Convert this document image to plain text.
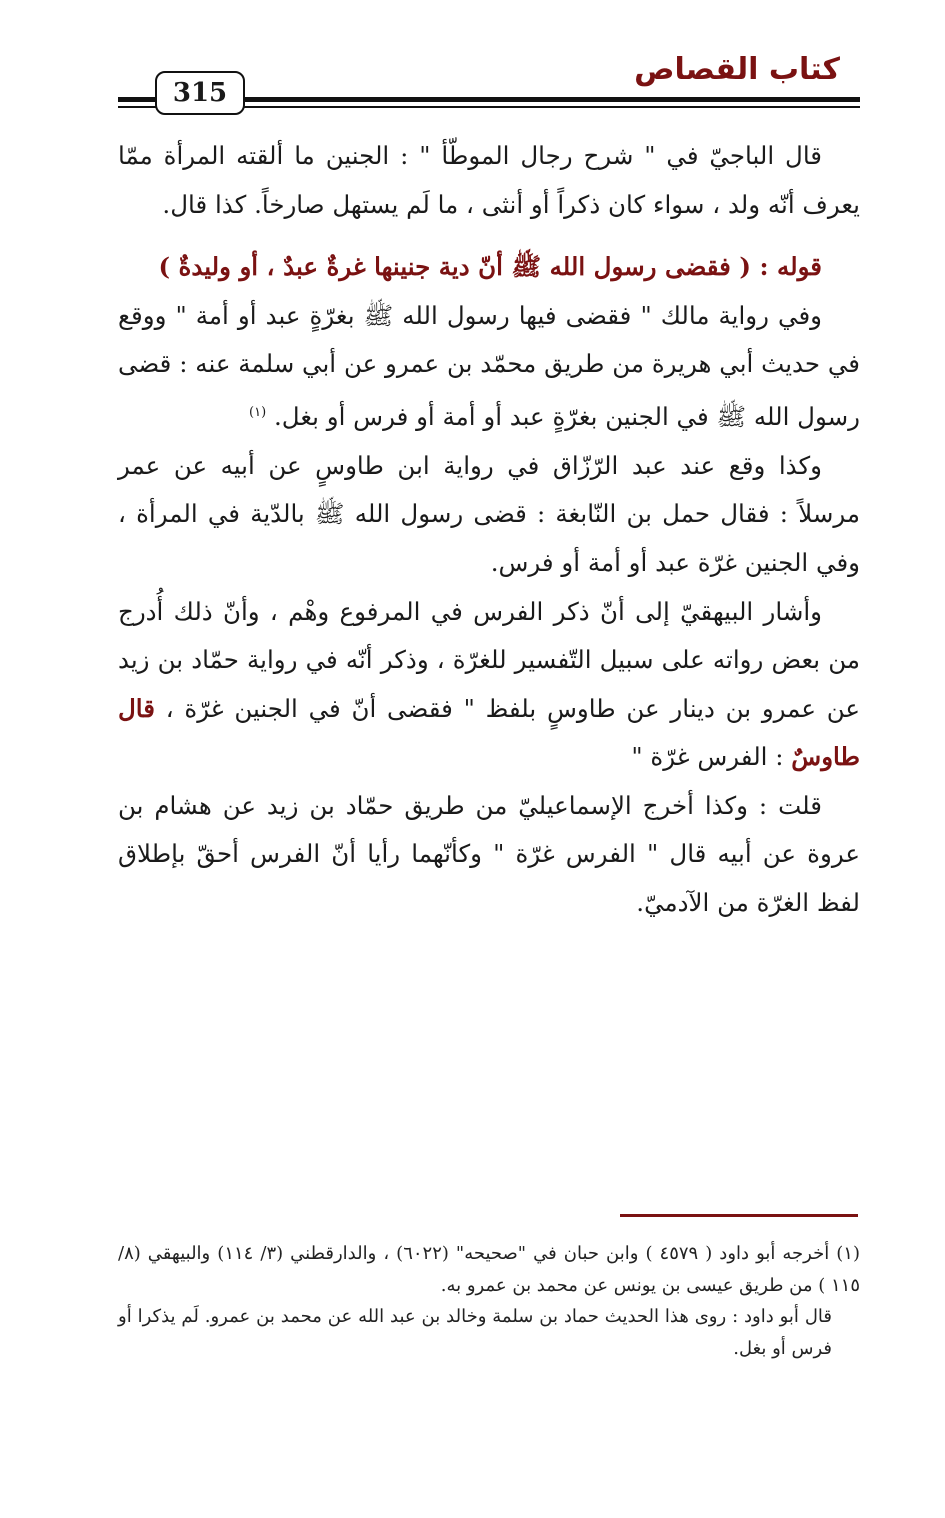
كتاب القصاص
315

قال الباجيّ في " شرح رجال الموطّأ " : الجنين ما ألقته المرأة ممّا يعرف أنّه ولد ، سواء كان ذكراً أو أنثى ، ما لَم يستهل صارخاً. كذا قال.

قوله : ( فقضى رسول الله ﷺ أنّ دية جنينها غرةٌ عبدٌ ، أو وليدةٌ )

وفي رواية مالك " فقضى فيها رسول الله ﷺ بغرّةٍ عبد أو أمة " ووقع في حديث أبي هريرة من طريق محمّد بن عمرو عن أبي سلمة عنه : قضى رسول الله ﷺ في الجنين بغرّةٍ عبد أو أمة أو فرس أو بغل. $^{(١)}$

وكذا وقع عند عبد الرّزّاق في رواية ابن طاوسٍ عن أبيه عن عمر مرسلاً : فقال حمل بن النّابغة : قضى رسول الله ﷺ بالدّية في المرأة ، وفي الجنين غرّة عبد أو أمة أو فرس.

وأشار البيهقيّ إلى أنّ ذكر الفرس في المرفوع وهْم ، وأنّ ذلك أُدرج من بعض رواته على سبيل التّفسير للغرّة ، وذكر أنّه في رواية حمّاد بن زيد عن عمرو بن دينار عن طاوسٍ بلفظ " فقضى أنّ في الجنين غرّة ، قال طاوسٌ : الفرس غرّة "

قلت : وكذا أخرج الإسماعيليّ من طريق حمّاد بن زيد عن هشام بن عروة عن أبيه قال " الفرس غرّة " وكأنّهما رأيا أنّ الفرس أحقّ بإطلاق لفظ الغرّة من الآدميّ.

(١) أخرجه أبو داود ( ٤٥٧٩ ) وابن حبان في "صحيحه" (٦٠٢٢) ، والدارقطني (٣/ ١١٤) والبيهقي (٨/ ١١٥ ) من طريق عيسى بن يونس عن محمد بن عمرو به.

قال أبو داود : روى هذا الحديث حماد بن سلمة وخالد بن عبد الله عن محمد بن عمرو. لَم يذكرا أو فرس أو بغل.
